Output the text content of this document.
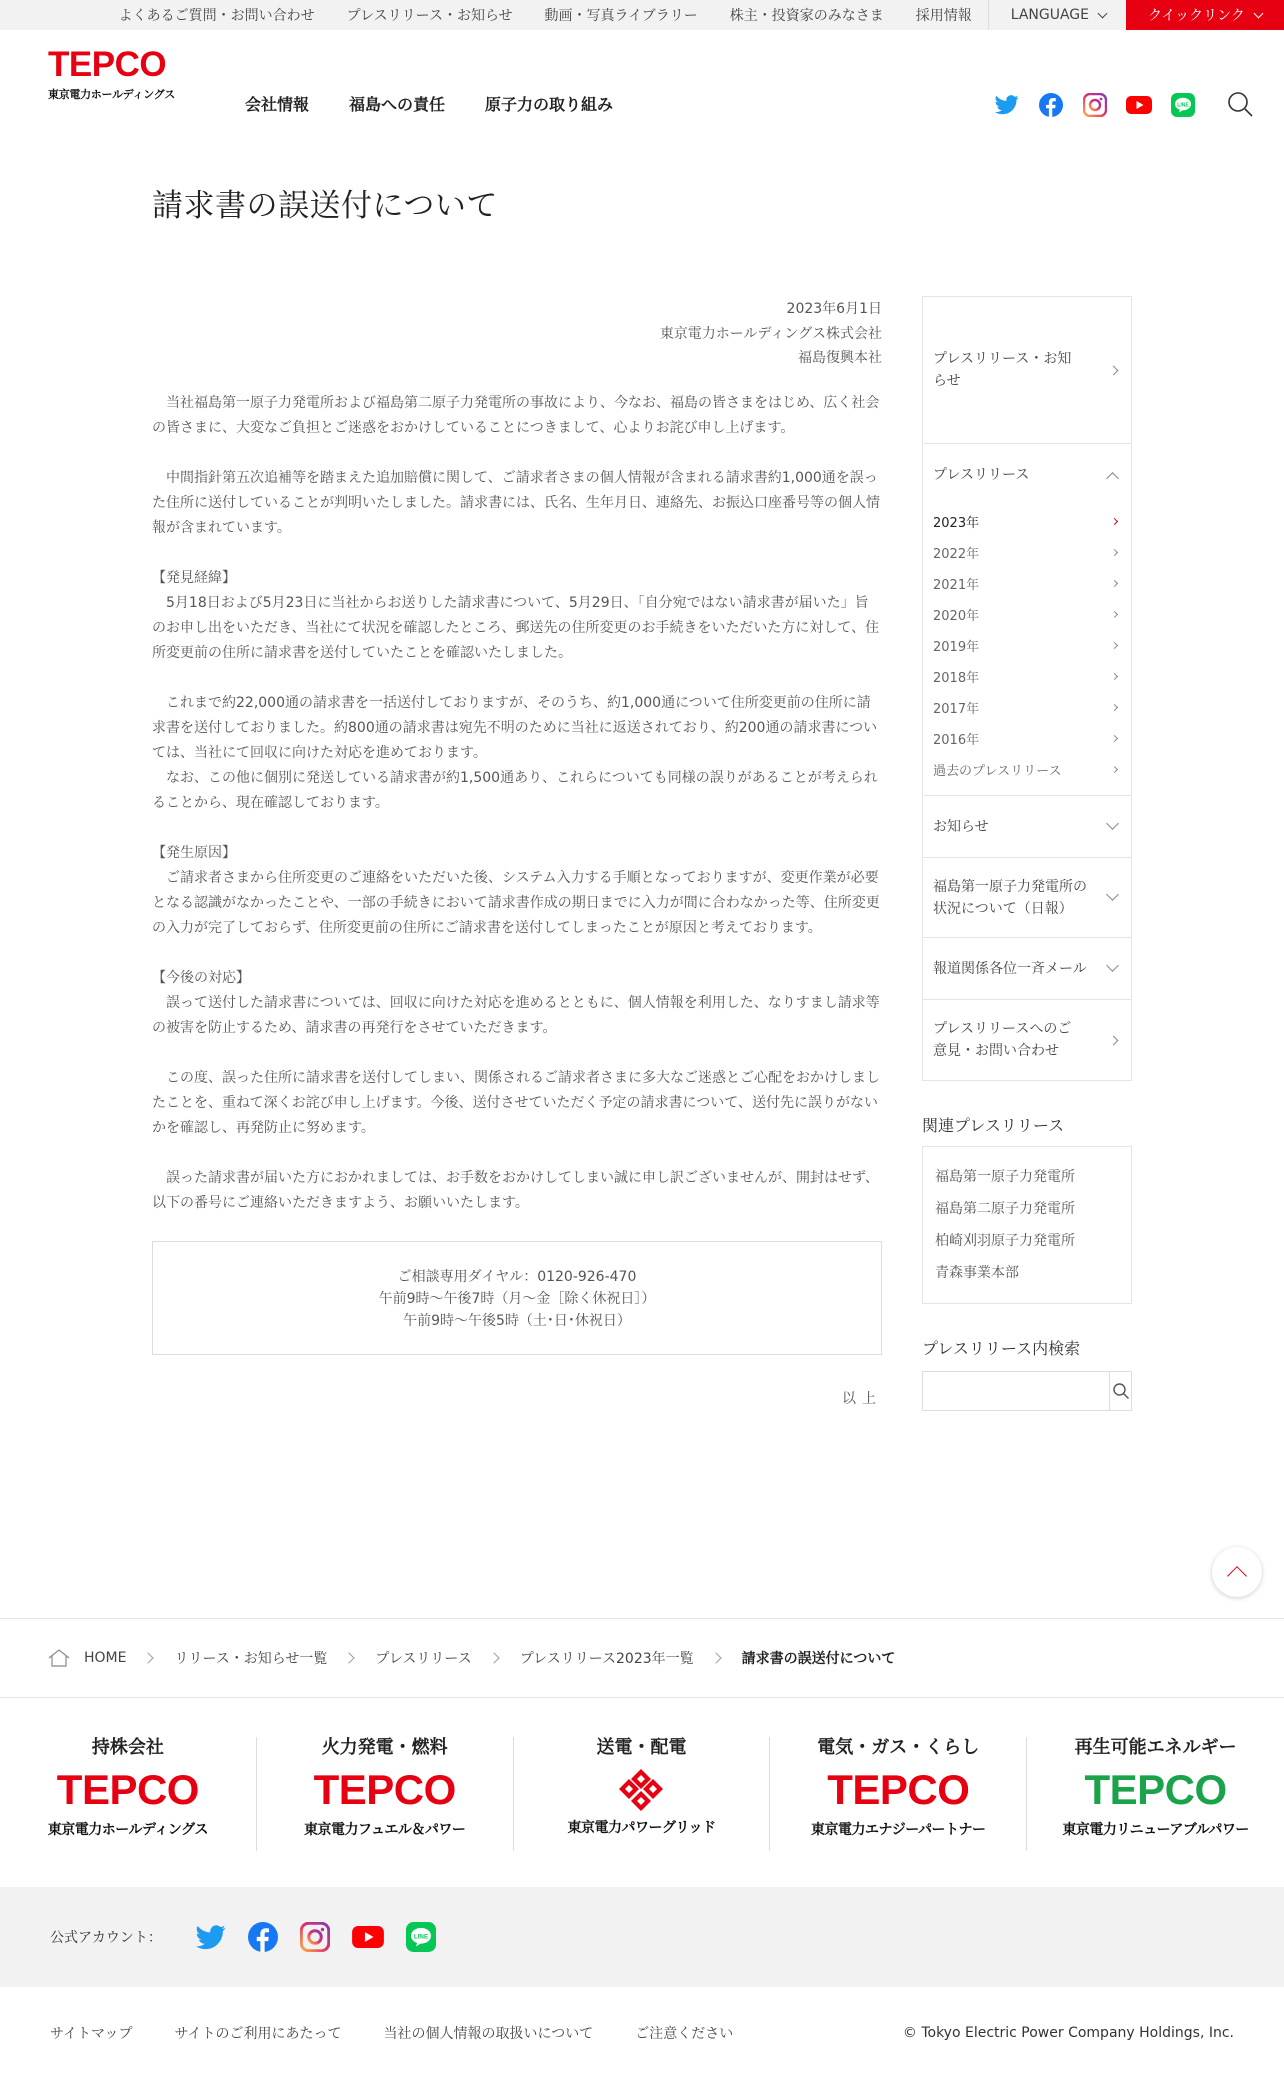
よくあるご質問・お問い合わせ	プレスリリース・お知らせ	動画・写真ライブラリー	株主・投資家のみなさま	採用情報	LANGUAGE	クイックリンク
TEPCO
東京電力ホールディングス
会社情報	福島への責任	原子力の取り組み	LINE
請求書の誤送付について
2023年6月1日
東京電力ホールディングス株式会社
福島復興本社

 当社福島第一原子力発電所および福島第二原子力発電所の事故により、今なお、福島の皆さまをはじめ、広く社会の皆さまに、大変なご負担とご迷惑をおかけしていることにつきまして、心よりお詫び申し上げます。

 中間指針第五次追補等を踏まえた追加賠償に関して、ご請求者さまの個人情報が含まれる請求書約1,000通を誤った住所に送付していることが判明いたしました。請求書には、氏名、生年月日、連絡先、お振込口座番号等の個人情報が含まれています。

【発見経緯】
 5月18日および5月23日に当社からお送りした請求書について、5月29日、「自分宛ではない請求書が届いた」旨のお申し出をいただき、当社にて状況を確認したところ、郵送先の住所変更のお手続きをいただいた方に対して、住所変更前の住所に請求書を送付していたことを確認いたしました。

 これまで約22,000通の請求書を一括送付しておりますが、そのうち、約1,000通について住所変更前の住所に請求書を送付しておりました。約800通の請求書は宛先不明のために当社に返送されており、約200通の請求書については、当社にて回収に向けた対応を進めております。

 なお、この他に個別に発送している請求書が約1,500通あり、これらについても同様の誤りがあることが考えられることから、現在確認しております。

【発生原因】
 ご請求者さまから住所変更のご連絡をいただいた後、システム入力する手順となっておりますが、変更作業が必要となる認識がなかったことや、一部の手続きにおいて請求書作成の期日までに入力が間に合わなかった等、住所変更の入力が完了しておらず、住所変更前の住所にご請求書を送付してしまったことが原因と考えております。

【今後の対応】
 誤って送付した請求書については、回収に向けた対応を進めるとともに、個人情報を利用した、なりすまし請求等の被害を防止するため、請求書の再発行をさせていただきます。

 この度、誤った住所に請求書を送付してしまい、関係されるご請求者さまに多大なご迷惑とご心配をおかけしましたことを、重ねて深くお詫び申し上げます。今後、送付させていただく予定の請求書について、送付先に誤りがないかを確認し、再発防止に努めます。

 誤った請求書が届いた方におかれましては、お手数をおかけしてしまい誠に申し訳ございませんが、開封はせず、以下の番号にご連絡いただきますよう、お願いいたします。

ご相談専用ダイヤル：0120-926-470
午前9時～午後7時（月～金［除く休祝日］）
午前9時～午後5時（土･日･休祝日）
以上
プレスリリース・お知らせ
プレスリリース
2023年
2022年
2021年
2020年
2019年
2018年
2017年
2016年
過去のプレスリリース
お知らせ
福島第一原子力発電所の状況について（日報）
報道関係各位一斉メール
プレスリリースへのご意見・お問い合わせ
関連プレスリリース
福島第一原子力発電所
福島第二原子力発電所
柏崎刈羽原子力発電所
青森事業本部
プレスリリース内検索
HOME	リリース・お知らせ一覧	プレスリリース	プレスリリース2023年一覧	請求書の誤送付について
持株会社
TEPCO
東京電力ホールディングス
火力発電・燃料
TEPCO
東京電力フュエル＆パワー
送電・配電
東京電力パワーグリッド
電気・ガス・くらし
TEPCO
東京電力エナジーパートナー
再生可能エネルギー
TEPCO
東京電力リニューアブルパワー
公式アカウント：	LINE
サイトマップ	サイトのご利用にあたって	当社の個人情報の取扱いについて	ご注意ください	© Tokyo Electric Power Company Holdings, Inc.
